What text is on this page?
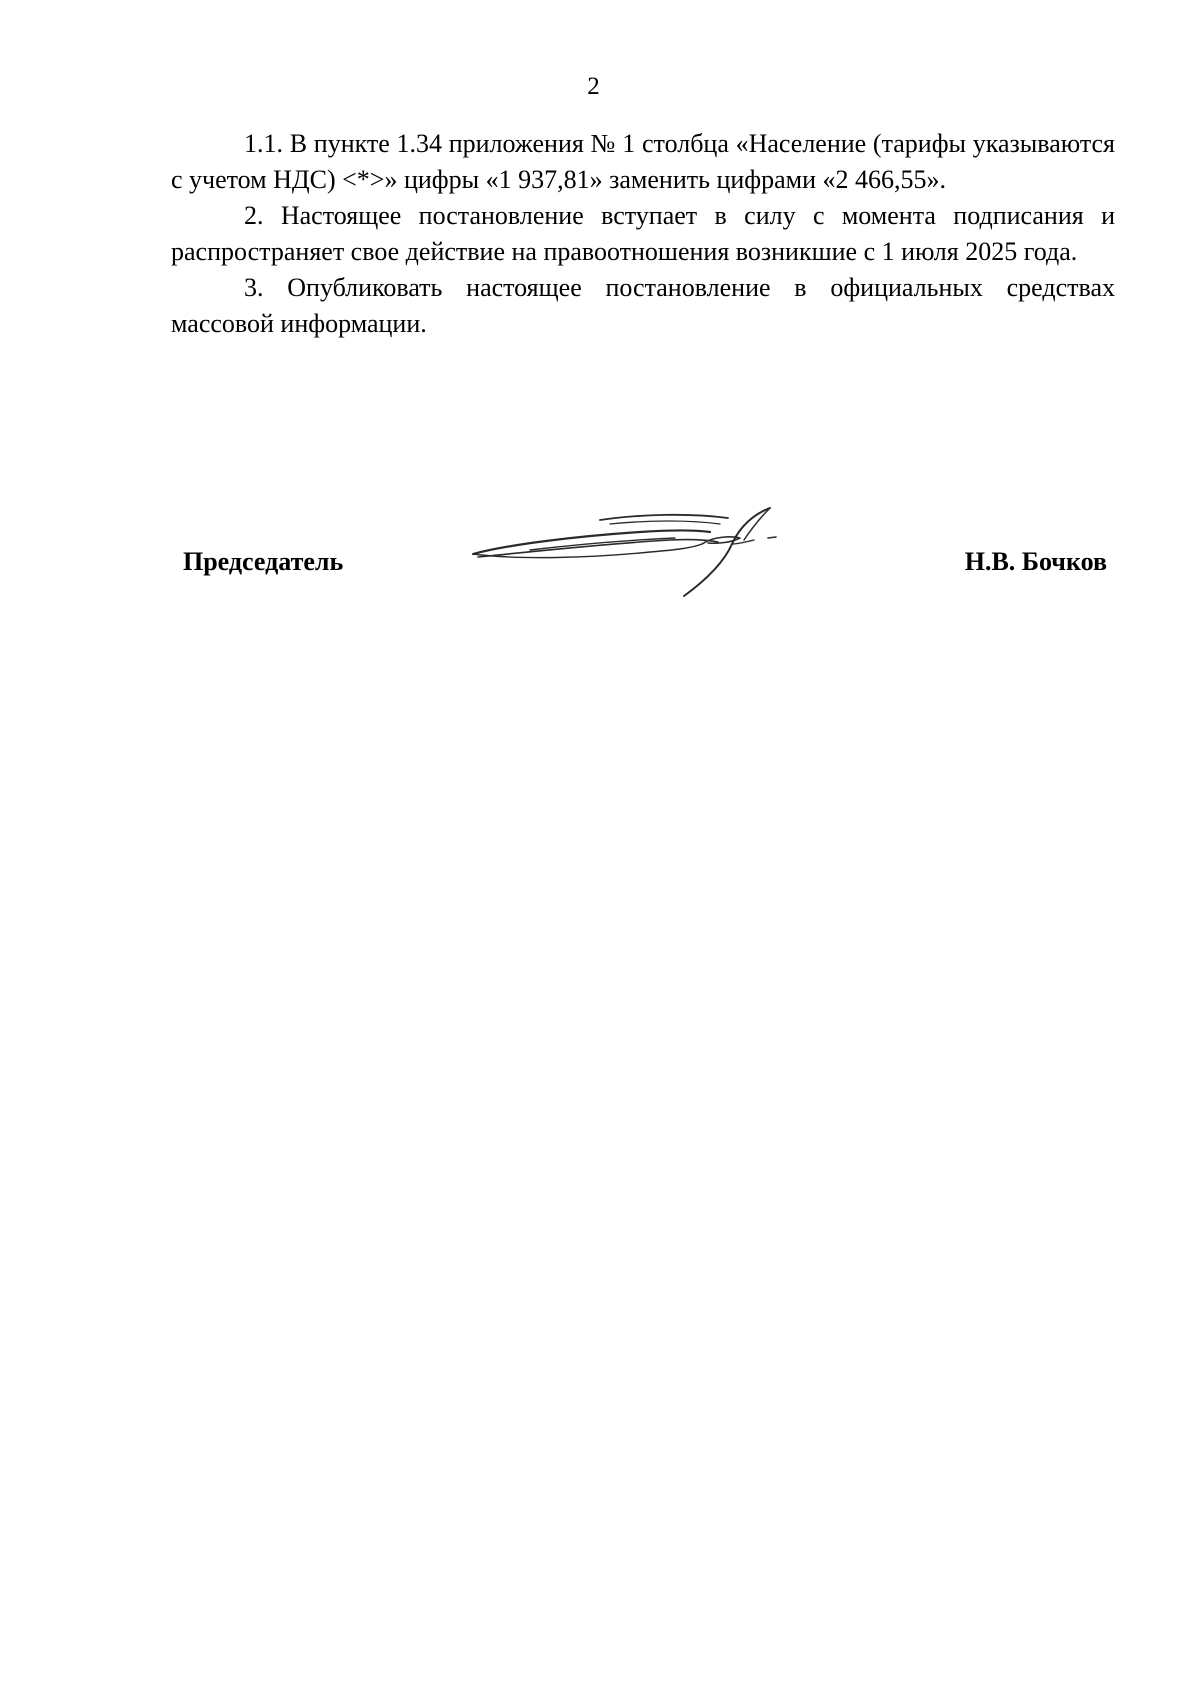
2

1.1. В пункте 1.34 приложения № 1 столбца «Население (тарифы указываются с учетом НДС) <*>» цифры «1 937,81» заменить цифрами «2 466,55».

2. Настоящее постановление вступает в силу с момента подписания и распространяет свое действие на правоотношения возникшие с 1 июля 2025 года.

3. Опубликовать настоящее постановление в официальных средствах массовой информации.

Председатель	Н.В. Бочков
